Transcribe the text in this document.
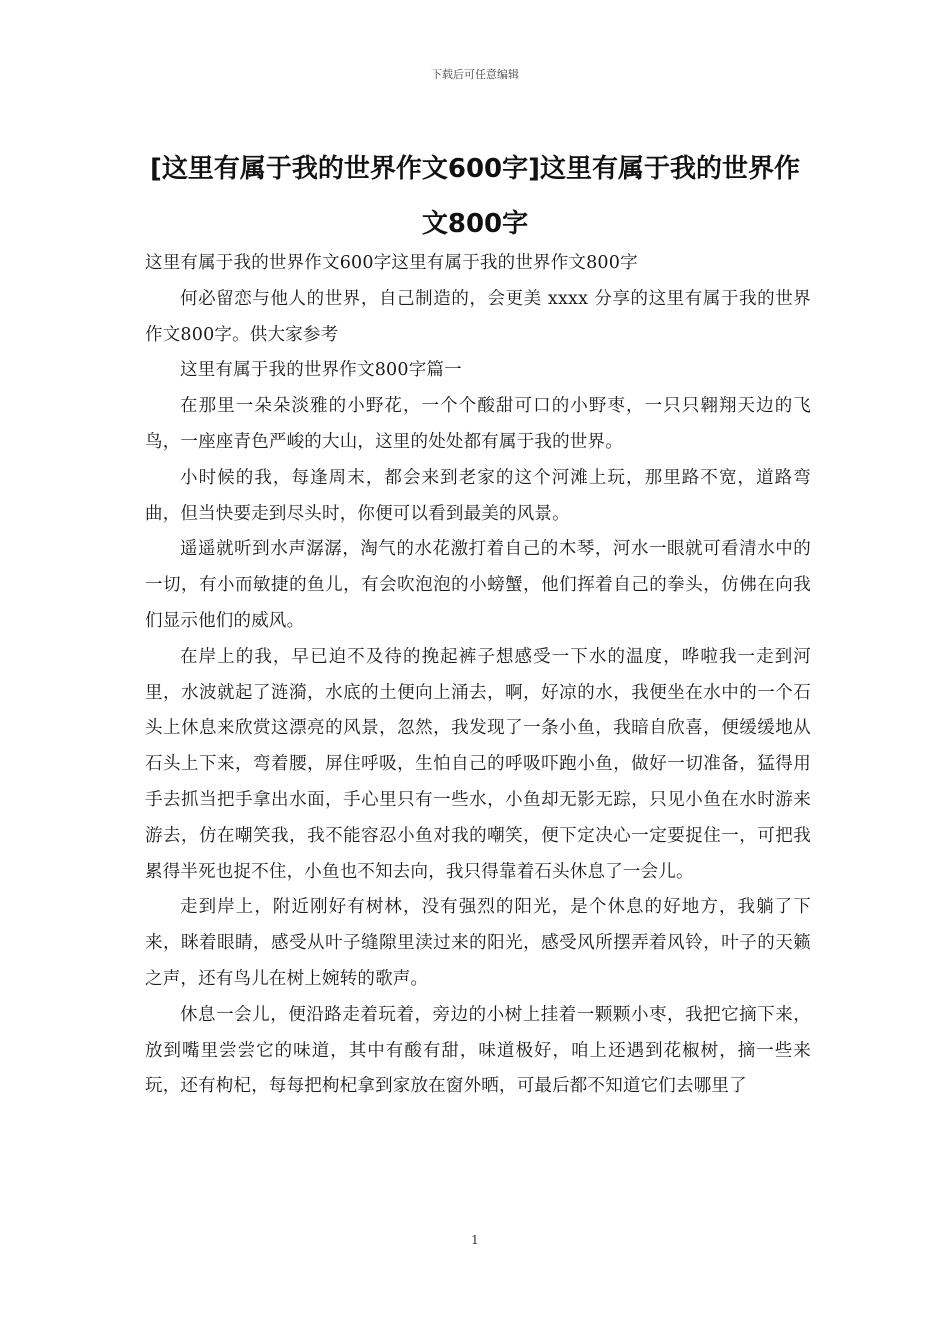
下载后可任意编辑
[这里有属于我的世界作文600字]这里有属于我的世界作文800字

这里有属于我的世界作文600字这里有属于我的世界作文800字

何必留恋与他人的世界，自己制造的，会更美 xxxx 分享的这里有属于我的世界作文800字。供大家参考

这里有属于我的世界作文800字篇一

在那里一朵朵淡雅的小野花，一个个酸甜可口的小野枣，一只只翱翔天边的飞鸟，一座座青色严峻的大山，这里的处处都有属于我的世界。

小时候的我，每逢周末，都会来到老家的这个河滩上玩，那里路不宽，道路弯曲，但当快要走到尽头时，你便可以看到最美的风景。

遥遥就听到水声潺潺，淘气的水花激打着自己的木琴，河水一眼就可看清水中的一切，有小而敏捷的鱼儿，有会吹泡泡的小螃蟹，他们挥着自己的拳头，仿佛在向我们显示他们的威风。

在岸上的我，早已迫不及待的挽起裤子想感受一下水的温度，哗啦我一走到河里，水波就起了涟漪，水底的土便向上涌去，啊，好凉的水，我便坐在水中的一个石头上休息来欣赏这漂亮的风景，忽然，我发现了一条小鱼，我暗自欣喜，便缓缓地从石头上下来，弯着腰，屏住呼吸，生怕自己的呼吸吓跑小鱼，做好一切准备，猛得用手去抓当把手拿出水面，手心里只有一些水，小鱼却无影无踪，只见小鱼在水时游来游去，仿在嘲笑我，我不能容忍小鱼对我的嘲笑，便下定决心一定要捉住一，可把我累得半死也捉不住，小鱼也不知去向，我只得靠着石头休息了一会儿。

走到岸上，附近刚好有树林，没有强烈的阳光，是个休息的好地方，我躺了下来，眯着眼睛，感受从叶子缝隙里渎过来的阳光，感受风所摆弄着风铃，叶子的天籁之声，还有鸟儿在树上婉转的歌声。

休息一会儿，便沿路走着玩着，旁边的小树上挂着一颗颗小枣，我把它摘下来，放到嘴里尝尝它的味道，其中有酸有甜，味道极好，咱上还遇到花椒树，摘一些来玩，还有枸杞，每每把枸杞拿到家放在窗外晒，可最后都不知道它们去哪里了

1
